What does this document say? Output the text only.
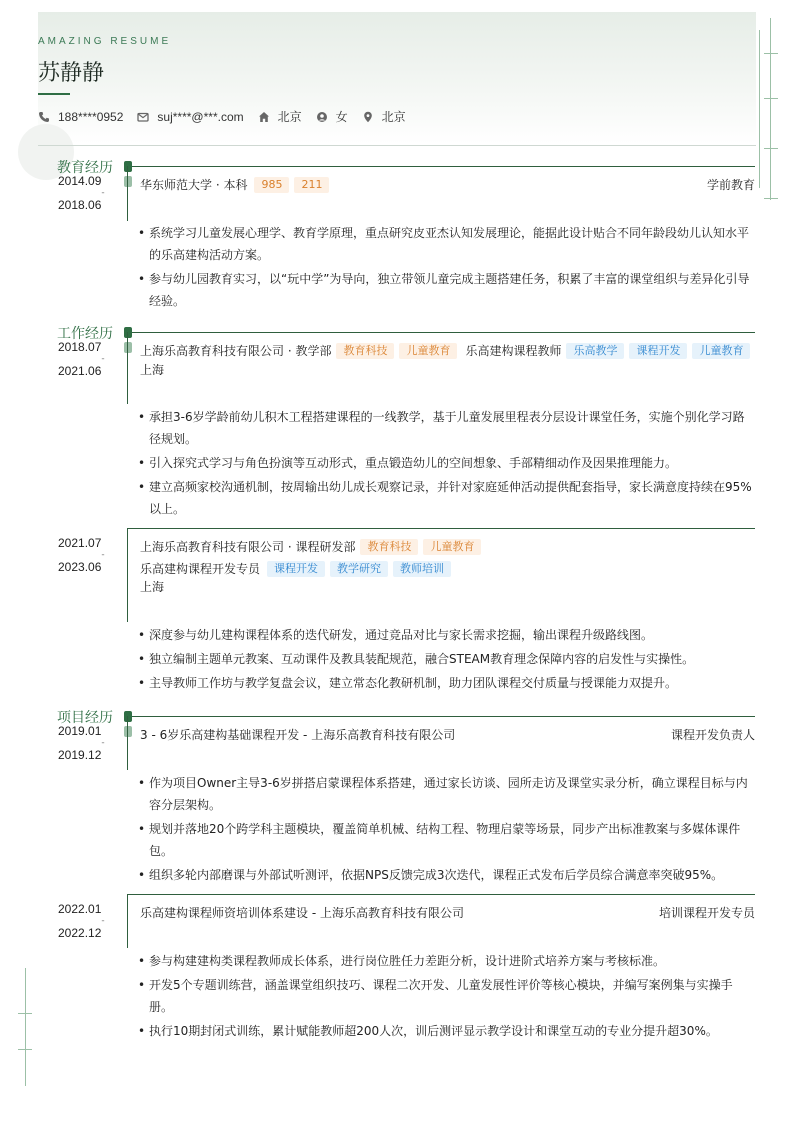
AMAZING RESUME
苏静静
188****0952	suj****@***.com	北京	女	北京
教育经历
2014.09
-
2018.06
华东师范大学 · 本科	985	211	学前教育
• 系统学习儿童发展心理学、教育学原理，重点研究皮亚杰认知发展理论，能据此设计贴合不同年龄段幼儿认知水平的乐高建构活动方案。
• 参与幼儿园教育实习，以“玩中学”为导向，独立带领儿童完成主题搭建任务，积累了丰富的课堂组织与差异化引导经验。
工作经历
2018.07
-
2021.06
上海乐高教育科技有限公司 · 教学部	教育科技	儿童教育	乐高建构课程教师	乐高教学	课程开发	儿童教育
上海
• 承担3-6岁学龄前幼儿积木工程搭建课程的一线教学，基于儿童发展里程表分层设计课堂任务，实施个别化学习路径规划。
• 引入探究式学习与角色扮演等互动形式，重点锻造幼儿的空间想象、手部精细动作及因果推理能力。
• 建立高频家校沟通机制，按周输出幼儿成长观察记录，并针对家庭延伸活动提供配套指导，家长满意度持续在95%以上。
2021.07
-
2023.06
上海乐高教育科技有限公司 · 课程研发部	教育科技	儿童教育
乐高建构课程开发专员	课程开发	教学研究	教师培训
上海
• 深度参与幼儿建构课程体系的迭代研发，通过竞品对比与家长需求挖掘，输出课程升级路线图。
• 独立编制主题单元教案、互动课件及教具装配规范，融合STEAM教育理念保障内容的启发性与实操性。
• 主导教师工作坊与教学复盘会议，建立常态化教研机制，助力团队课程交付质量与授课能力双提升。
项目经历
2019.01
-
2019.12
3 - 6岁乐高建构基础课程开发 - 上海乐高教育科技有限公司	课程开发负责人
• 作为项目Owner主导3-6岁拼搭启蒙课程体系搭建，通过家长访谈、园所走访及课堂实录分析，确立课程目标与内容分层架构。
• 规划并落地20个跨学科主题模块，覆盖简单机械、结构工程、物理启蒙等场景，同步产出标准教案与多媒体课件包。
• 组织多轮内部磨课与外部试听测评，依据NPS反馈完成3次迭代，课程正式发布后学员综合满意率突破95%。
2022.01
-
2022.12
乐高建构课程师资培训体系建设 - 上海乐高教育科技有限公司	培训课程开发专员
• 参与构建建构类课程教师成长体系，进行岗位胜任力差距分析，设计进阶式培养方案与考核标准。
• 开发5个专题训练营，涵盖课堂组织技巧、课程二次开发、儿童发展性评价等核心模块，并编写案例集与实操手册。
• 执行10期封闭式训练，累计赋能教师超200人次，训后测评显示教学设计和课堂互动的专业分提升超30%。
